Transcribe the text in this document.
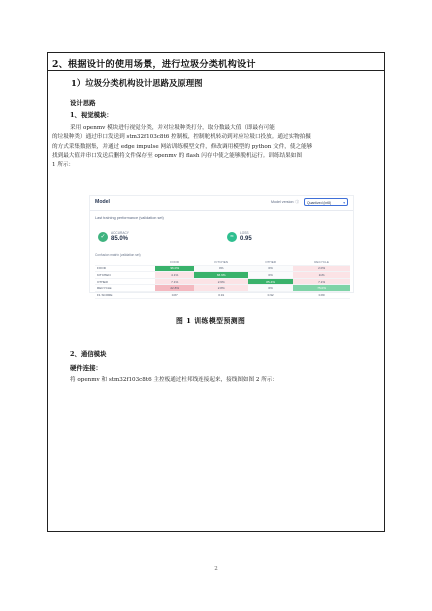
2、根据设计的使用场景，进行垃圾分类机构设计
1）垃圾分类机构设计思路及原理图
设计思路
1、视觉模块：

采用 openmv 模块进行视觉分类，并对垃圾种类打分，取分数最大值（即最有可能

的垃圾种类）通过串口发送到 stm32f103c8t6 控制板，控制舵机转动到对应垃圾口投放。通过实物拍摄

的方式采集数据集，并通过 edge impulse 网站训练模型文件，修改调用模型的 python 文件，使之能够

找到最大值并串口发送后删将文件保存至 openmv 的 flash 闪存中使之能够脱机运行。训练结果如图

1 所示：

Model	Model version: ⓘ	Quantized (int8)	▾
Last training performance (validation set)
✓
ACCURACY
85.0%	≈
LOSS
0.95
Confusion matrix (validation set)
	FOOD	KITCHEN	OTHER	RECYCLE
FOOD	96.0%	0%	0%	2.0%
KITCHEN	4.1%	83.9%	0%	11%
OTHER	7.1%	2.6%	85.4%	7.1%
RECYCLE	22.8%	2.8%	0%	75.0%
F1 SCORE	0.87	0.91	0.92	0.80
图 1 训练模型预测图
2、通信模块
硬件连接：
将 openmv 和 stm32f103c8t6 主控板通过杜邦线连接起来，接线图如图 2 所示：
2
